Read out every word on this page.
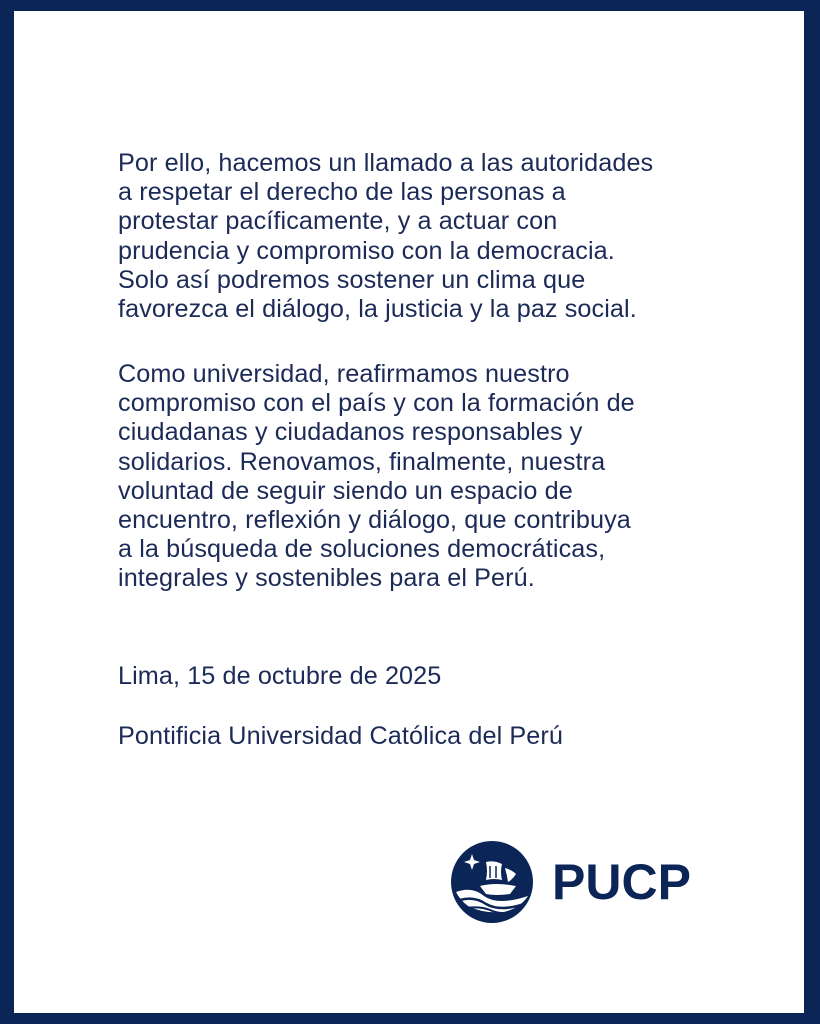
Por ello, hacemos un llamado a las autoridades
a respetar el derecho de las personas a
protestar pacíficamente, y a actuar con
prudencia y compromiso con la democracia.
Solo así podremos sostener un clima que
favorezca el diálogo, la justicia y la paz social.

Como universidad, reafirmamos nuestro
compromiso con el país y con la formación de
ciudadanas y ciudadanos responsables y
solidarios. Renovamos, finalmente, nuestra
voluntad de seguir siendo un espacio de
encuentro, reflexión y diálogo, que contribuya
a la búsqueda de soluciones democráticas,
integrales y sostenibles para el Perú.

Lima, 15 de octubre de 2025

Pontificia Universidad Católica del Perú

PUCP
